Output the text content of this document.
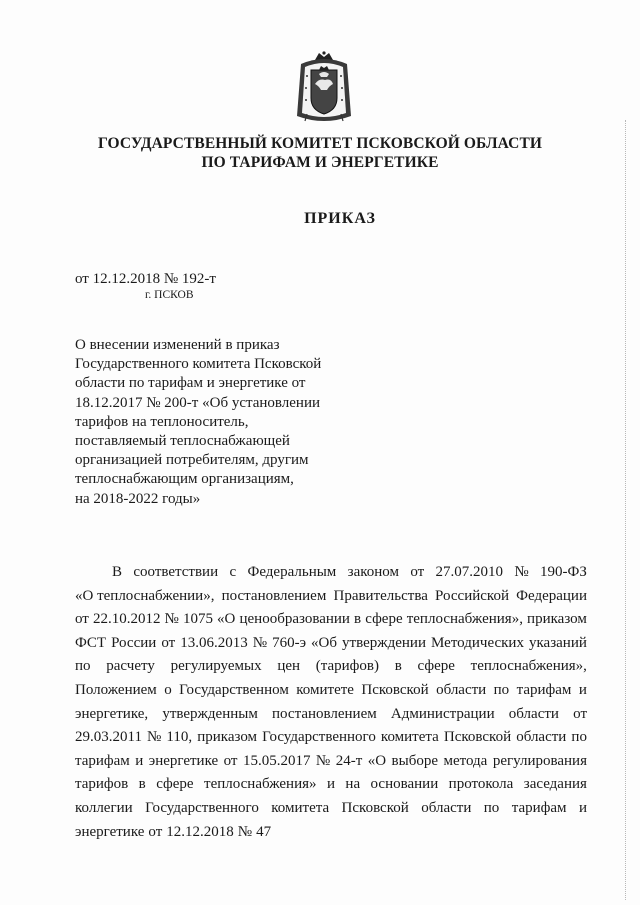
ГОСУДАРСТВЕННЫЙ КОМИТЕТ ПСКОВСКОЙ ОБЛАСТИ
ПО ТАРИФАМ И ЭНЕРГЕТИКЕ
ПРИКАЗ
от 12.12.2018 № 192-т
г. ПСКОВ
О внесении изменений в приказ
Государственного комитета Псковской
области по тарифам и энергетике от
18.12.2017 № 200-т «Об установлении
тарифов на теплоноситель,
поставляемый теплоснабжающей
организацией потребителям, другим
теплоснабжающим организациям,
на 2018-2022 годы»
В соответствии с Федеральным законом от 27.07.2010 № 190-ФЗ
«О теплоснабжении», постановлением Правительства Российской Федерации
от 22.10.2012 № 1075 «О ценообразовании в сфере теплоснабжения», приказом
ФСТ России от 13.06.2013 № 760-э «Об утверждении Методических указаний
по расчету регулируемых цен (тарифов) в сфере теплоснабжения»,
Положением о Государственном комитете Псковской области по тарифам и
энергетике, утвержденным постановлением Администрации области от
29.03.2011 № 110, приказом Государственного комитета Псковской области по
тарифам и энергетике от 15.05.2017 № 24-т «О выборе метода регулирования
тарифов в сфере теплоснабжения» и на основании протокола заседания
коллегии Государственного комитета Псковской области по тарифам и
энергетике от 12.12.2018 № 47
